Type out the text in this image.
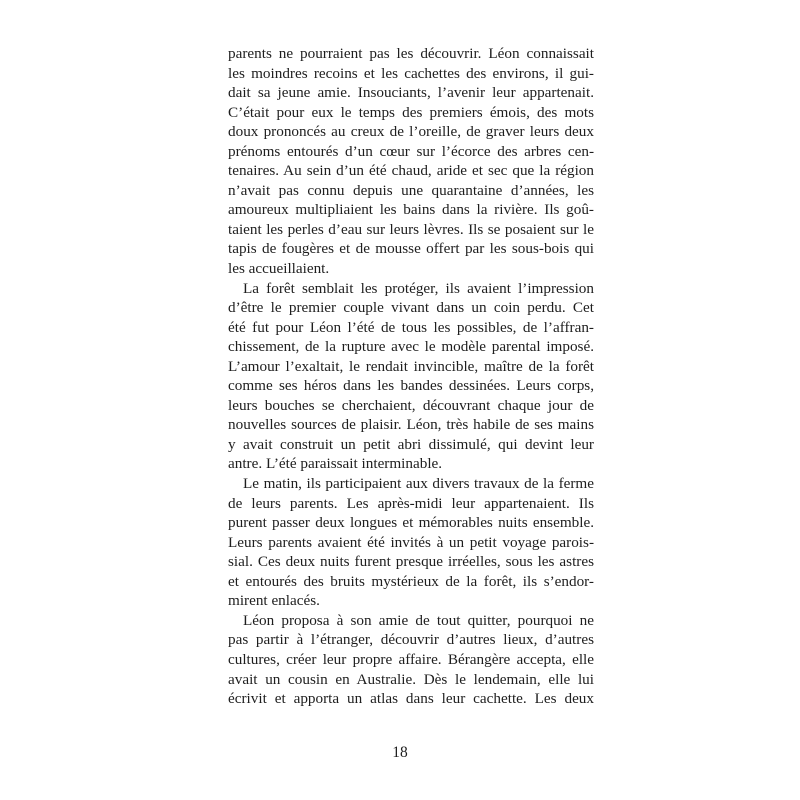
parents ne pourraient pas les découvrir. Léon connaissait
les moindres recoins et les cachettes des environs, il gui-
dait sa jeune amie. Insouciants, l’avenir leur appartenait.
C’était pour eux le temps des premiers émois, des mots
doux prononcés au creux de l’oreille, de graver leurs deux
prénoms entourés d’un cœur sur l’écorce des arbres cen-
tenaires. Au sein d’un été chaud, aride et sec que la région
n’avait pas connu depuis une quarantaine d’années, les
amoureux multipliaient les bains dans la rivière. Ils goû-
taient les perles d’eau sur leurs lèvres. Ils se posaient sur le
tapis de fougères et de mousse offert par les sous-bois qui
les accueillaient.
La forêt semblait les protéger, ils avaient l’impression
d’être le premier couple vivant dans un coin perdu. Cet
été fut pour Léon l’été de tous les possibles, de l’affran-
chissement, de la rupture avec le modèle parental imposé.
L’amour l’exaltait, le rendait invincible, maître de la forêt
comme ses héros dans les bandes dessinées. Leurs corps,
leurs bouches se cherchaient, découvrant chaque jour de
nouvelles sources de plaisir. Léon, très habile de ses mains
y avait construit un petit abri dissimulé, qui devint leur
antre. L’été paraissait interminable.
Le matin, ils participaient aux divers travaux de la ferme
de leurs parents. Les après-midi leur appartenaient. Ils
purent passer deux longues et mémorables nuits ensemble.
Leurs parents avaient été invités à un petit voyage parois-
sial. Ces deux nuits furent presque irréelles, sous les astres
et entourés des bruits mystérieux de la forêt, ils s’endor-
mirent enlacés.
Léon proposa à son amie de tout quitter, pourquoi ne
pas partir à l’étranger, découvrir d’autres lieux, d’autres
cultures, créer leur propre affaire. Bérangère accepta, elle
avait un cousin en Australie. Dès le lendemain, elle lui
écrivit et apporta un atlas dans leur cachette. Les deux
18
